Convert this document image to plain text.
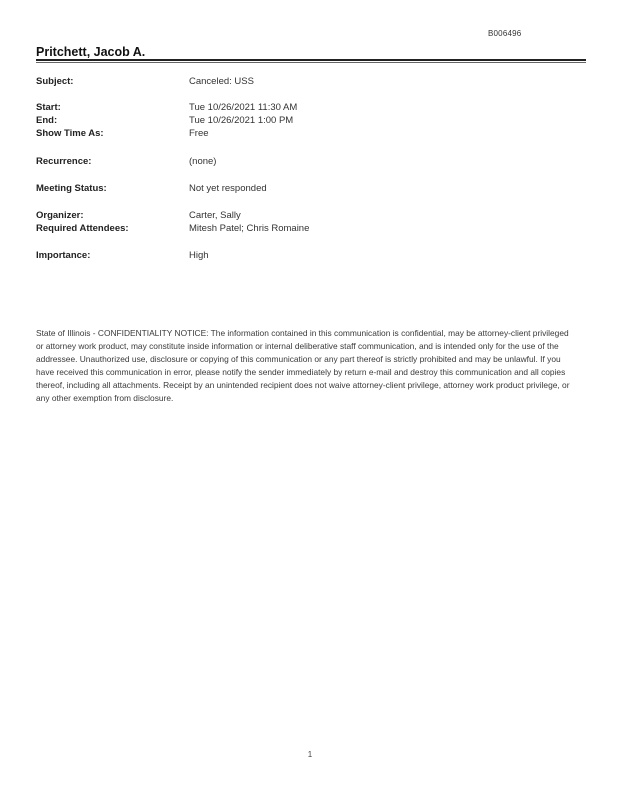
B006496
Pritchett, Jacob A.
Subject:	Canceled: USS
Start:	Tue 10/26/2021 11:30 AM
End:	Tue 10/26/2021 1:00 PM
Show Time As:	Free
Recurrence:	(none)
Meeting Status:	Not yet responded
Organizer:	Carter, Sally
Required Attendees:	Mitesh Patel; Chris Romaine
Importance:	High
State of Illinois - CONFIDENTIALITY NOTICE: The information contained in this communication is confidential, may be attorney-client privileged or attorney work product, may constitute inside information or internal deliberative staff communication, and is intended only for the use of the addressee. Unauthorized use, disclosure or copying of this communication or any part thereof is strictly prohibited and may be unlawful. If you have received this communication in error, please notify the sender immediately by return e-mail and destroy this communication and all copies thereof, including all attachments. Receipt by an unintended recipient does not waive attorney-client privilege, attorney work product privilege, or any other exemption from disclosure.
1
